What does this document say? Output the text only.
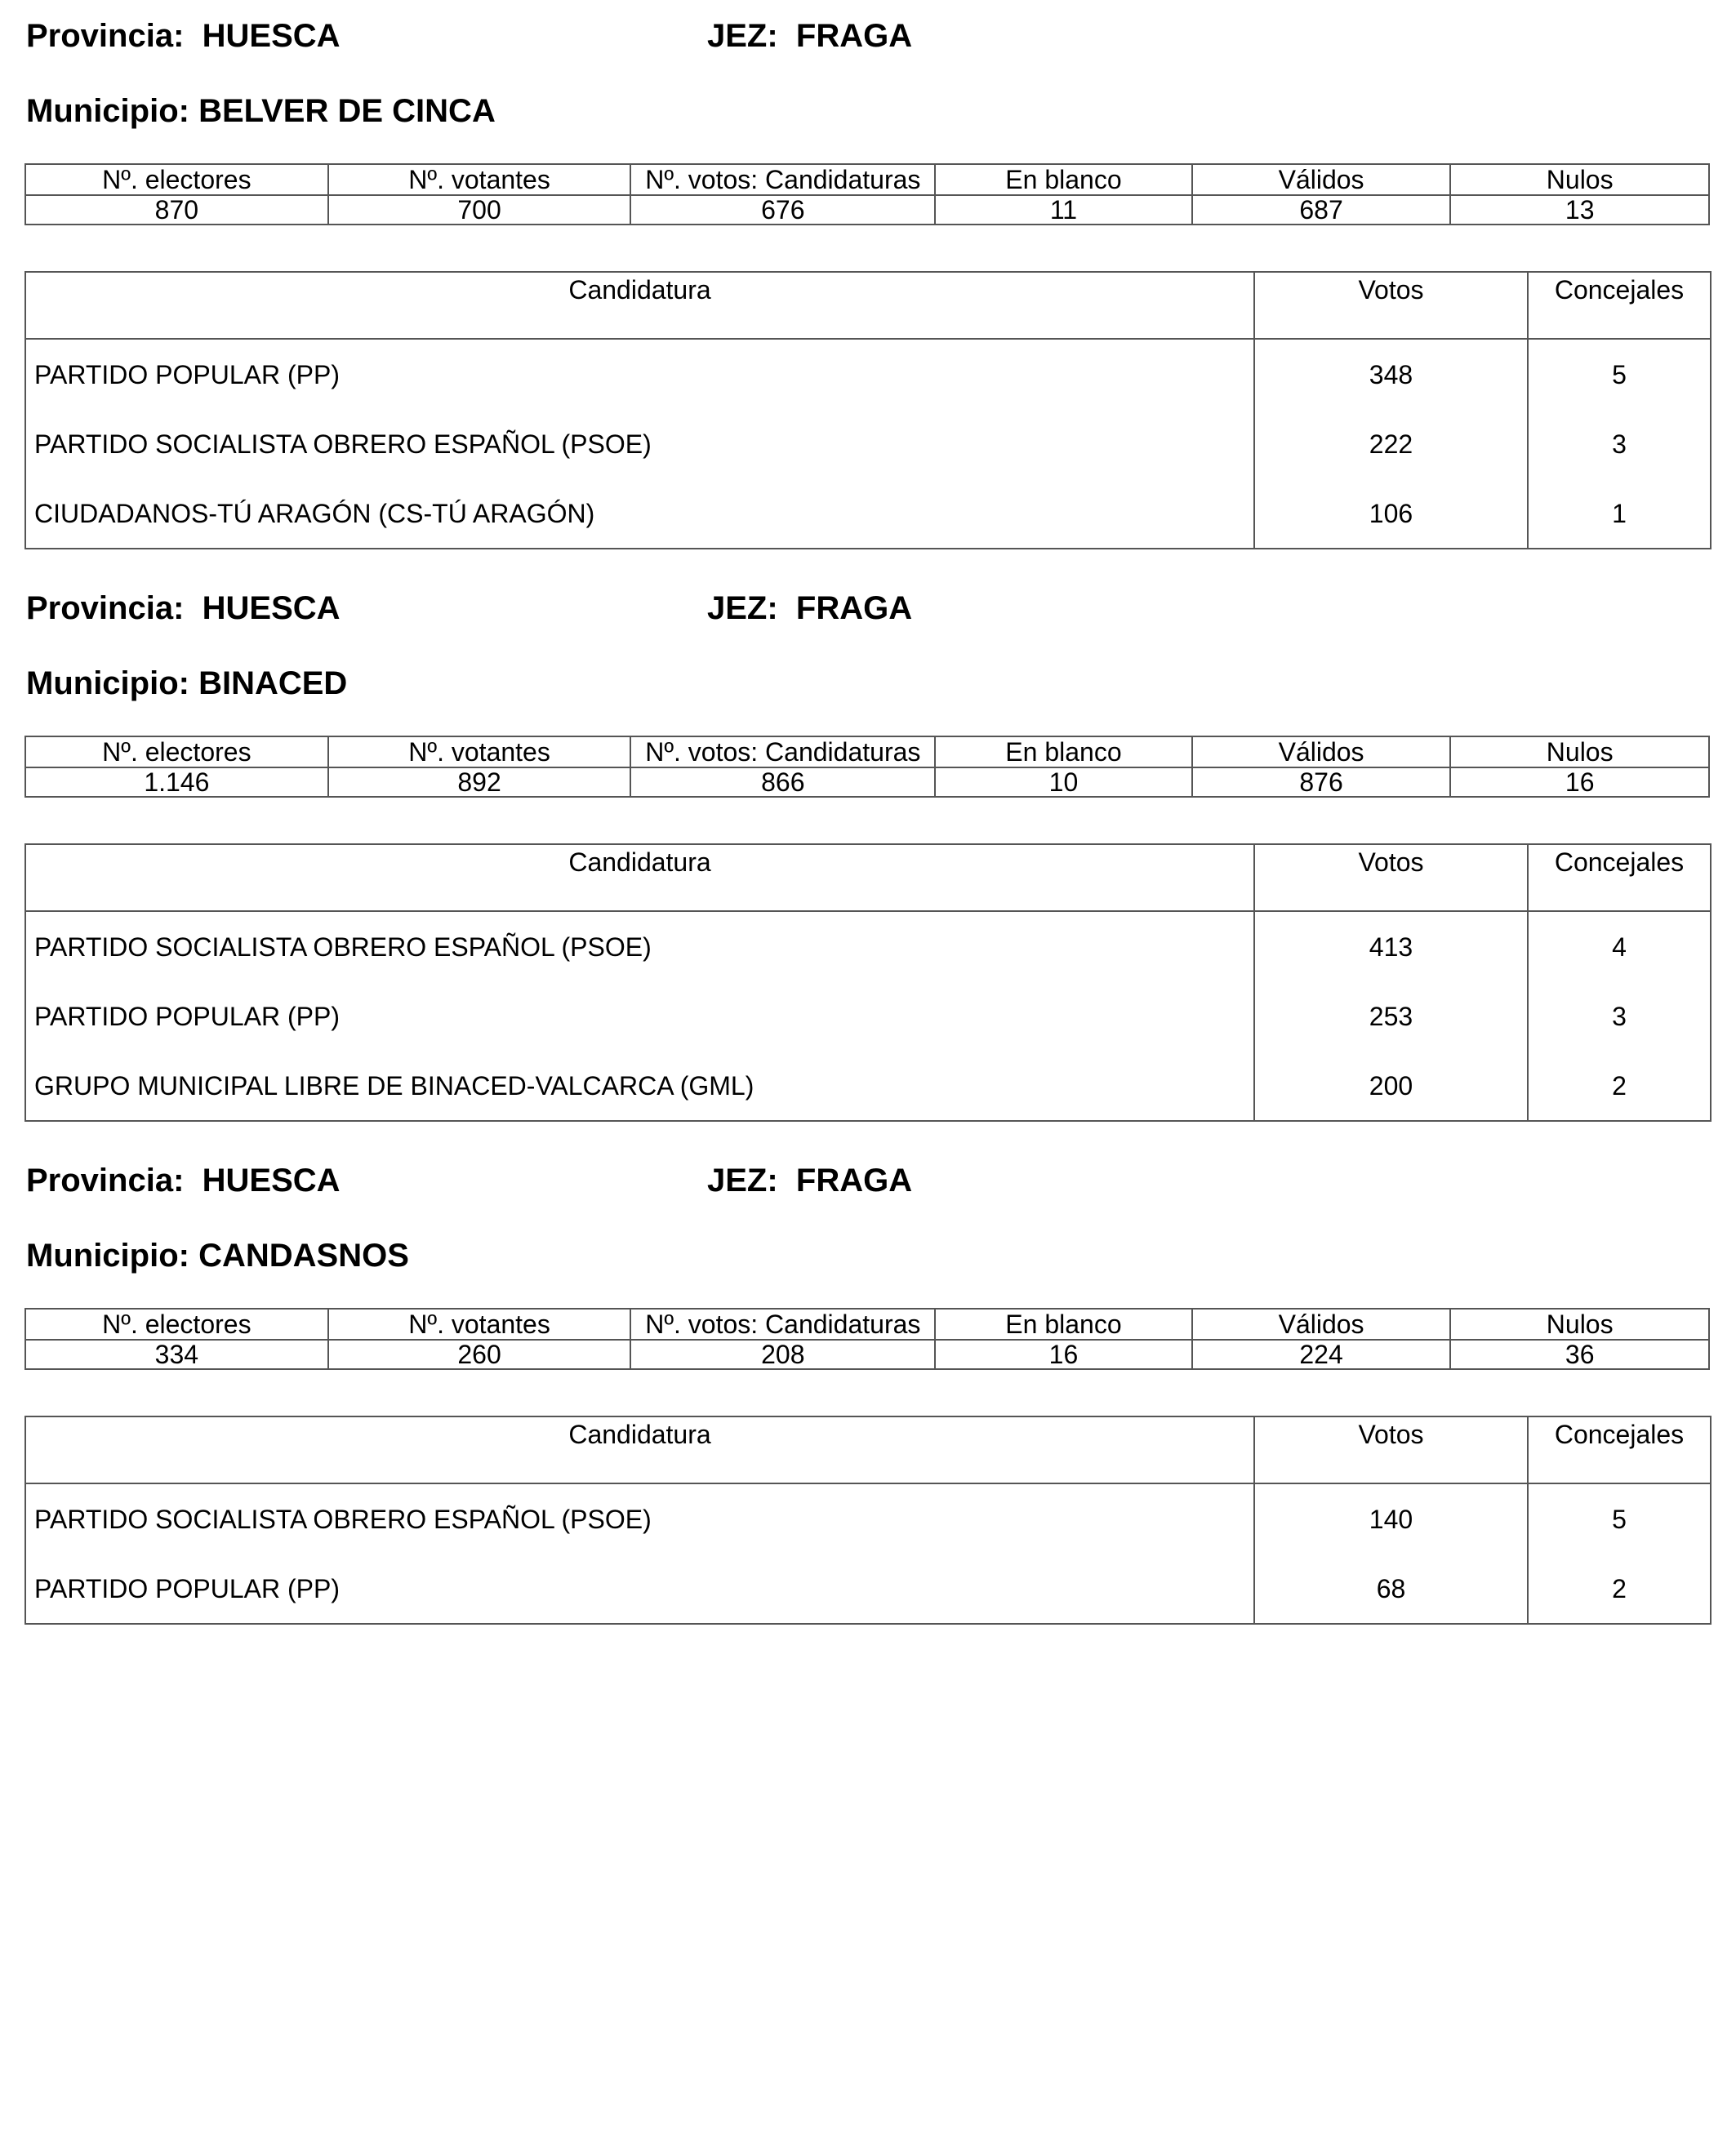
Provincia: HUESCA	JEZ: FRAGA
Municipio: BELVER DE CINCA
Nº. electores	Nº. votantes	Nº. votos: Candidaturas	En blanco	Válidos	Nulos
870	700	676	11	687	13
Candidatura	Votos	Concejales
PARTIDO POPULAR (PP)	348	5
PARTIDO SOCIALISTA OBRERO ESPAÑOL (PSOE)	222	3
CIUDADANOS-TÚ ARAGÓN (CS-TÚ ARAGÓN)	106	1
Provincia: HUESCA	JEZ: FRAGA
Municipio: BINACED
Nº. electores	Nº. votantes	Nº. votos: Candidaturas	En blanco	Válidos	Nulos
1.146	892	866	10	876	16
Candidatura	Votos	Concejales
PARTIDO SOCIALISTA OBRERO ESPAÑOL (PSOE)	413	4
PARTIDO POPULAR (PP)	253	3
GRUPO MUNICIPAL LIBRE DE BINACED-VALCARCA (GML)	200	2
Provincia: HUESCA	JEZ: FRAGA
Municipio: CANDASNOS
Nº. electores	Nº. votantes	Nº. votos: Candidaturas	En blanco	Válidos	Nulos
334	260	208	16	224	36
Candidatura	Votos	Concejales
PARTIDO SOCIALISTA OBRERO ESPAÑOL (PSOE)	140	5
PARTIDO POPULAR (PP)	68	2
